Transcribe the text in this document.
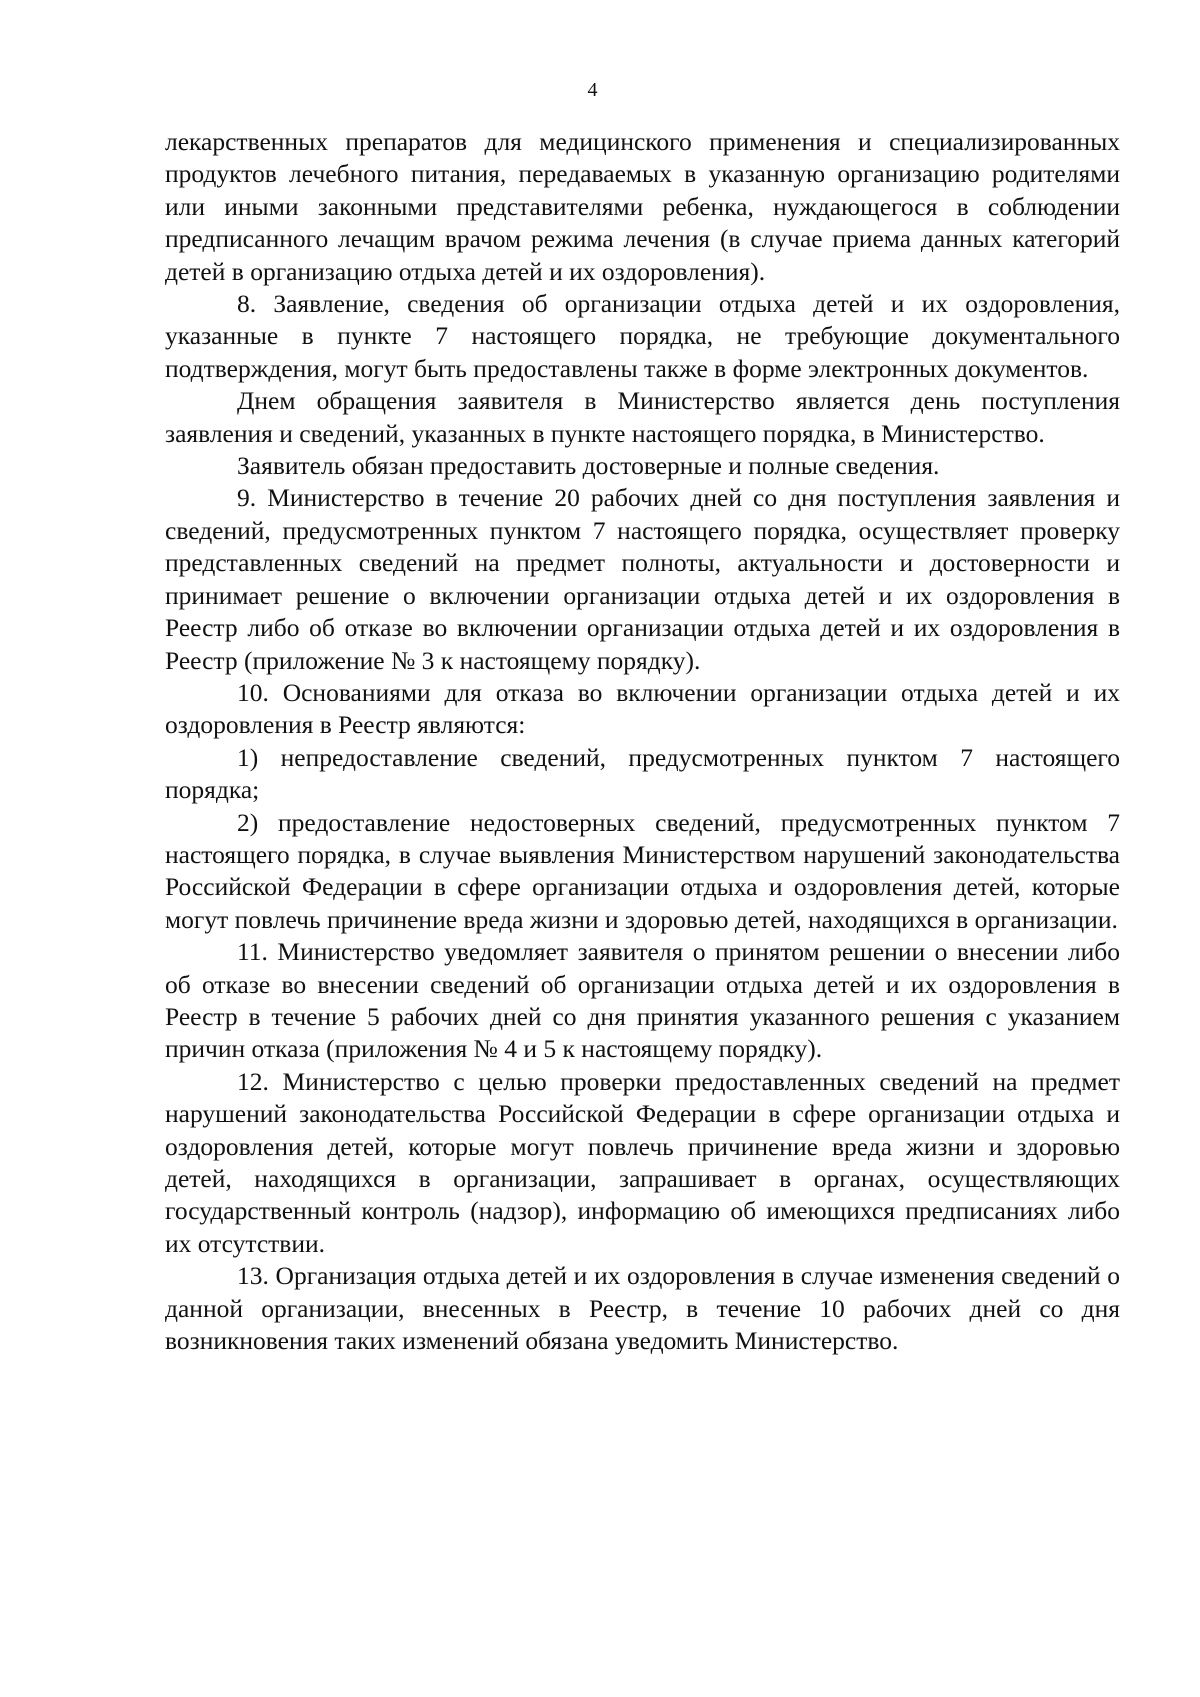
4

лекарственных препаратов для медицинского применения и специализированных продуктов лечебного питания, передаваемых в указанную организацию родителями или иными законными представителями ребенка, нуждающегося в соблюдении предписанного лечащим врачом режима лечения (в случае приема данных категорий детей в организацию отдыха детей и их оздоровления).

8. Заявление, сведения об организации отдыха детей и их оздоровления, указанные в пункте 7 настоящего порядка, не требующие документального подтверждения, могут быть предоставлены также в форме электронных документов.

Днем обращения заявителя в Министерство является день поступления заявления и сведений, указанных в пункте настоящего порядка, в Министерство.

Заявитель обязан предоставить достоверные и полные сведения.

9. Министерство в течение 20 рабочих дней со дня поступления заявления и сведений, предусмотренных пунктом 7 настоящего порядка, осуществляет проверку представленных сведений на предмет полноты, актуальности и достоверности и принимает решение о включении организации отдыха детей и их оздоровления в Реестр либо об отказе во включении организации отдыха детей и их оздоровления в Реестр (приложение № 3 к настоящему порядку).

10. Основаниями для отказа во включении организации отдыха детей и их оздоровления в Реестр являются:

1) непредоставление сведений, предусмотренных пунктом 7 настоящего порядка;

2) предоставление недостоверных сведений, предусмотренных пунктом 7 настоящего порядка, в случае выявления Министерством нарушений законодательства Российской Федерации в сфере организации отдыха и оздоровления детей, которые могут повлечь причинение вреда жизни и здоровью детей, находящихся в организации.

11. Министерство уведомляет заявителя о принятом решении о внесении либо об отказе во внесении сведений об организации отдыха детей и их оздоровления в Реестр в течение 5 рабочих дней со дня принятия указанного решения с указанием причин отказа (приложения № 4 и 5 к настоящему порядку).

12. Министерство с целью проверки предоставленных сведений на предмет нарушений законодательства Российской Федерации в сфере организации отдыха и оздоровления детей, которые могут повлечь причинение вреда жизни и здоровью детей, находящихся в организации, запрашивает в органах, осуществляющих государственный контроль (надзор), информацию об имеющихся предписаниях либо их отсутствии.

13. Организация отдыха детей и их оздоровления в случае изменения сведений о данной организации, внесенных в Реестр, в течение 10 рабочих дней со дня возникновения таких изменений обязана уведомить Министерство.
